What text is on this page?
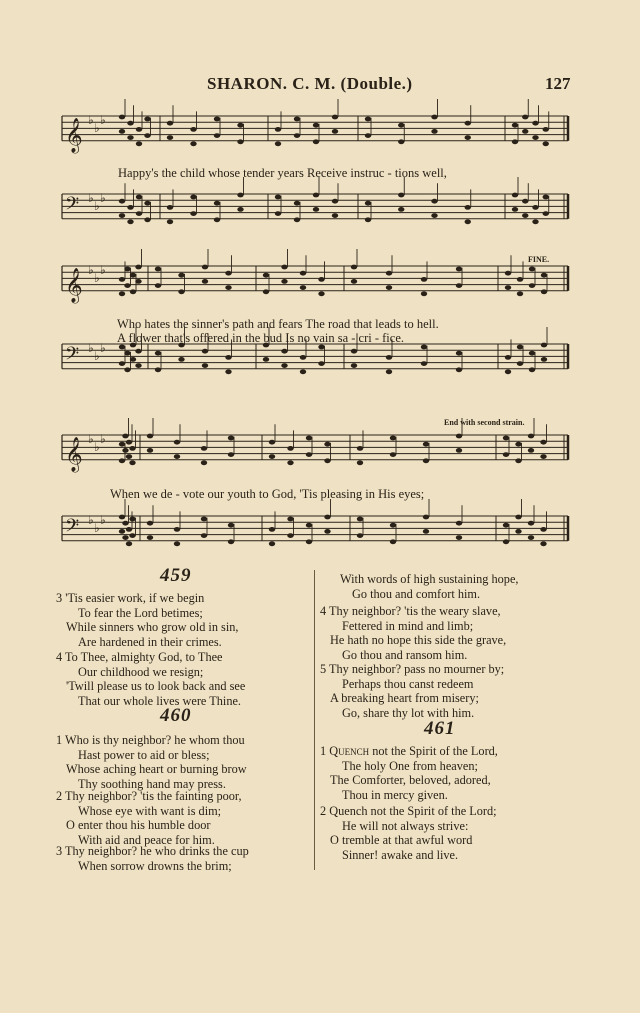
SHARON. C. M. (Double.)	127
𝄞 ♭
♭
♭
𝄢 ♭
♭
♭
𝄞 ♭
♭
♭
𝄢 ♭
♭
♭
𝄞 ♭
♭
♭
𝄢 ♭
♭
♭
Happy's the child whose tender years Receive instruc - tions well,
FINE.
Who hates the sinner's path and fears The road that leads to hell.
A flower that's offered in the bud Is no vain sa - cri - fice.
End with second strain.
When we de - vote our youth to God, 'Tis pleasing in His eyes;
459
3 'Tis easier work, if we begin
To fear the Lord betimes;
While sinners who grow old in sin,
Are hardened in their crimes.
4 To Thee, almighty God, to Thee
Our childhood we resign;
'Twill please us to look back and see
That our whole lives were Thine.
460
1 Who is thy neighbor? he whom thou
Hast power to aid or bless;
Whose aching heart or burning brow
Thy soothing hand may press.
2 Thy neighbor? 'tis the fainting poor,
Whose eye with want is dim;
O enter thou his humble door
With aid and peace for him.
3 Thy neighbor? he who drinks the cup
When sorrow drowns the brim;
With words of high sustaining hope,
Go thou and comfort him.
4 Thy neighbor? 'tis the weary slave,
Fettered in mind and limb;
He hath no hope this side the grave,
Go thou and ransom him.
5 Thy neighbor? pass no mourner by;
Perhaps thou canst redeem
A breaking heart from misery;
Go, share thy lot with him.
461
1 Quench not the Spirit of the Lord,
The holy One from heaven;
The Comforter, beloved, adored,
Thou in mercy given.
2 Quench not the Spirit of the Lord;
He will not always strive:
O tremble at that awful word
Sinner! awake and live.
